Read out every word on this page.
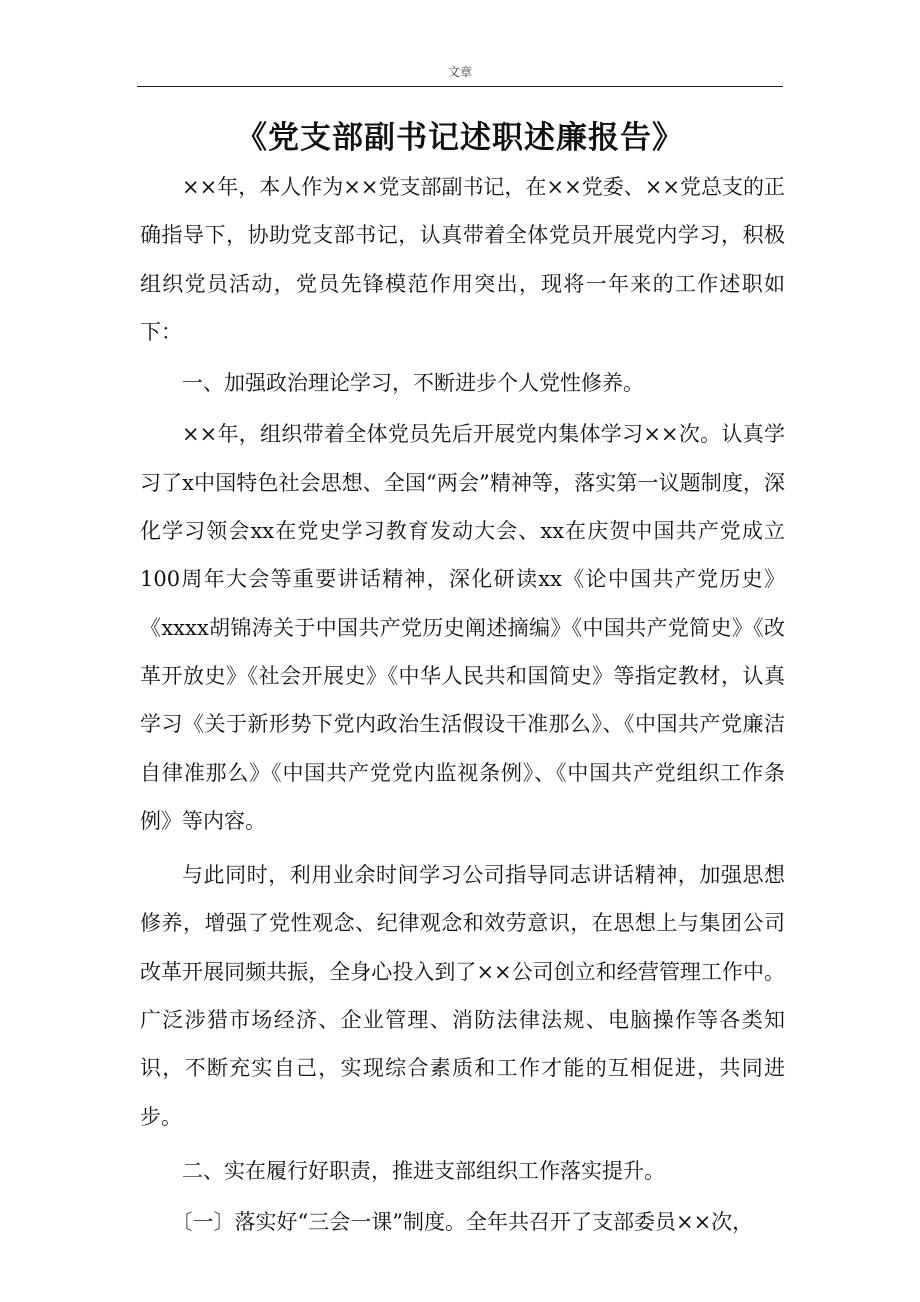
文章
《党支部副书记述职述廉报告》

××年，本人作为××党支部副书记，在××党委、××党总支的正确指导下，协助党支部书记，认真带着全体党员开展党内学习，积极组织党员活动，党员先锋模范作用突出，现将一年来的工作述职如下：

一、加强政治理论学习，不断进步个人党性修养。

××年，组织带着全体党员先后开展党内集体学习××次。认真学习了x中国特色社会思想、全国“两会”精神等，落实第一议题制度，深化学习领会xx在党史学习教育发动大会、xx在庆贺中国共产党成立100周年大会等重要讲话精神，深化研读xx《论中国共产党历史》《xxxx胡锦涛关于中国共产党历史阐述摘编》《中国共产党简史》《改革开放史》《社会开展史》《中华人民共和国简史》等指定教材，认真学习《关于新形势下党内政治生活假设干准那么》、《中国共产党廉洁自律准那么》《中国共产党党内监视条例》、《中国共产党组织工作条例》等内容。

与此同时，利用业余时间学习公司指导同志讲话精神，加强思想修养，增强了党性观念、纪律观念和效劳意识，在思想上与集团公司改革开展同频共振，全身心投入到了××公司创立和经营管理工作中。广泛涉猎市场经济、企业管理、消防法律法规、电脑操作等各类知识，不断充实自己，实现综合素质和工作才能的互相促进，共同进步。

二、实在履行好职责，推进支部组织工作落实提升。

〔一〕落实好“三会一课”制度。全年共召开了支部委员××次，
